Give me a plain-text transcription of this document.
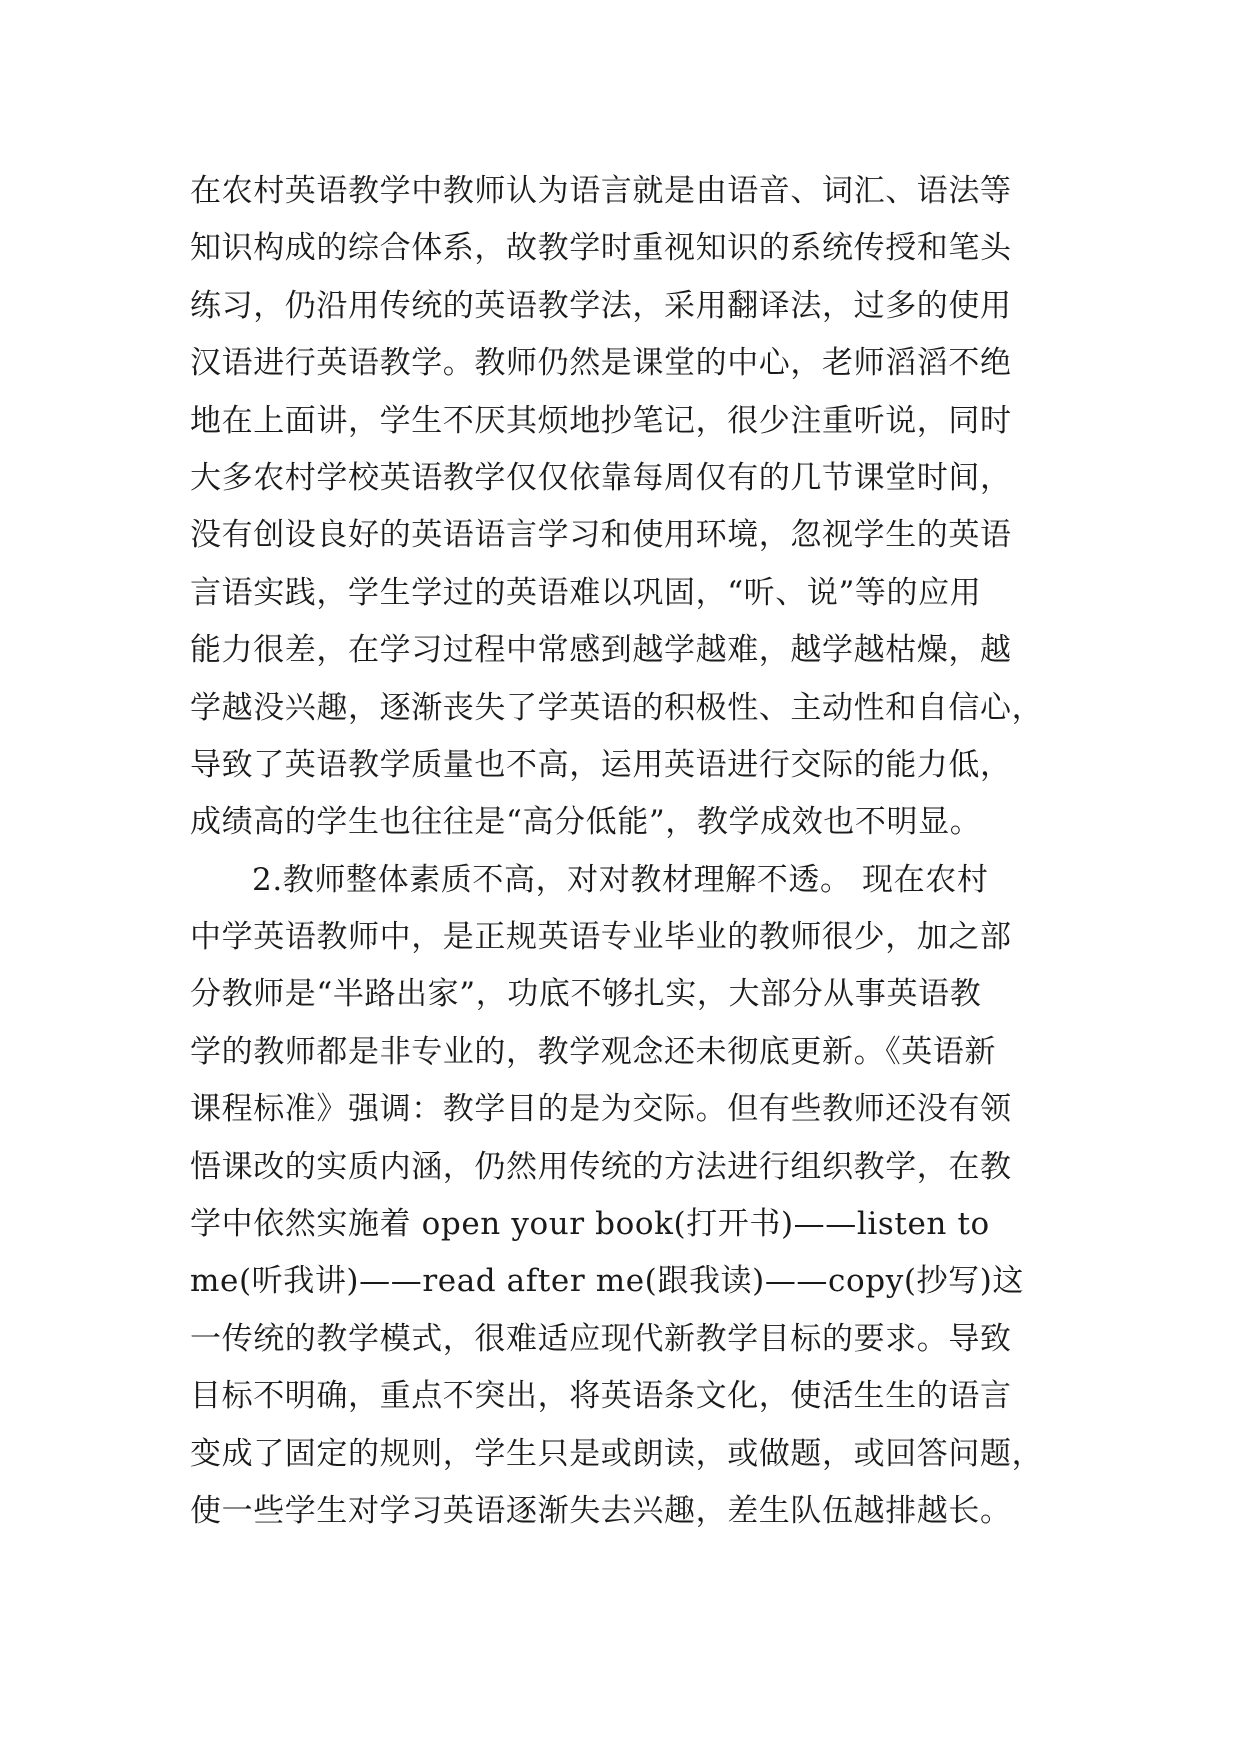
在农村英语教学中教师认为语言就是由语音、词汇、语法等
知识构成的综合体系，故教学时重视知识的系统传授和笔头
练习，仍沿用传统的英语教学法，采用翻译法，过多的使用
汉语进行英语教学。教师仍然是课堂的中心，老师滔滔不绝
地在上面讲，学生不厌其烦地抄笔记，很少注重听说，同时
大多农村学校英语教学仅仅依靠每周仅有的几节课堂时间，
没有创设良好的英语语言学习和使用环境，忽视学生的英语
言语实践，学生学过的英语难以巩固，“听、说”等的应用
能力很差，在学习过程中常感到越学越难，越学越枯燥，越
学越没兴趣，逐渐丧失了学英语的积极性、主动性和自信心，
导致了英语教学质量也不高，运用英语进行交际的能力低，
成绩高的学生也往往是“高分低能”，教学成效也不明显。
2.教师整体素质不高，对对教材理解不透。 现在农村
中学英语教师中，是正规英语专业毕业的教师很少，加之部
分教师是“半路出家”，功底不够扎实，大部分从事英语教
学的教师都是非专业的，教学观念还未彻底更新。《英语新
课程标准》强调：教学目的是为交际。但有些教师还没有领
悟课改的实质内涵，仍然用传统的方法进行组织教学，在教
学中依然实施着 open your book(打开书)——listen to
me(听我讲)——read after me(跟我读)——copy(抄写)这
一传统的教学模式，很难适应现代新教学目标的要求。导致
目标不明确，重点不突出，将英语条文化，使活生生的语言
变成了固定的规则，学生只是或朗读，或做题，或回答问题，
使一些学生对学习英语逐渐失去兴趣，差生队伍越排越长。
